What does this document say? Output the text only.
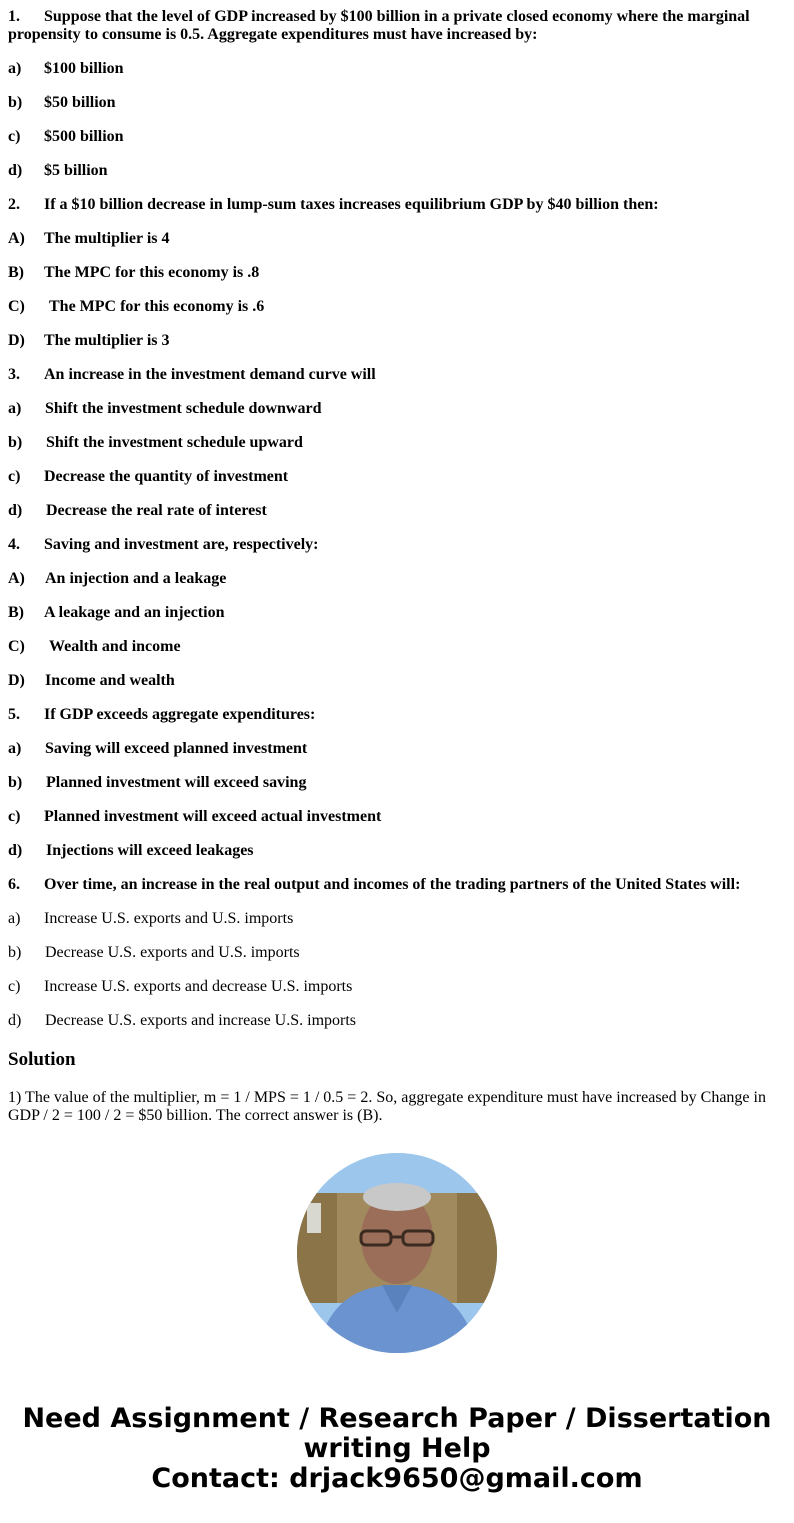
1. Suppose that the level of GDP increased by $100 billion in a private closed economy where the marginal propensity to consume is 0.5. Aggregate expenditures must have increased by:

a) $100 billion

b) $50 billion

c) $500 billion

d) $5 billion

2. If a $10 billion decrease in lump-sum taxes increases equilibrium GDP by $40 billion then:

A) The multiplier is 4

B) The MPC for this economy is .8

C) The MPC for this economy is .6

D) The multiplier is 3

3. An increase in the investment demand curve will

a) Shift the investment schedule downward

b) Shift the investment schedule upward

c) Decrease the quantity of investment

d) Decrease the real rate of interest

4. Saving and investment are, respectively:

A) An injection and a leakage

B) A leakage and an injection

C) Wealth and income

D) Income and wealth

5. If GDP exceeds aggregate expenditures:

a) Saving will exceed planned investment

b) Planned investment will exceed saving

c) Planned investment will exceed actual investment

d) Injections will exceed leakages

6. Over time, an increase in the real output and incomes of the trading partners of the United States will:

a) Increase U.S. exports and U.S. imports

b) Decrease U.S. exports and U.S. imports

c) Increase U.S. exports and decrease U.S. imports

d) Decrease U.S. exports and increase U.S. imports

Solution

1) The value of the multiplier, m = 1 / MPS = 1 / 0.5 = 2. So, aggregate expenditure must have increased by Change in GDP / 2 = 100 / 2 = $50 billion. The correct answer is (B).

Need Assignment / Research Paper / Dissertation writing Help
Contact: drjack9650@gmail.com
